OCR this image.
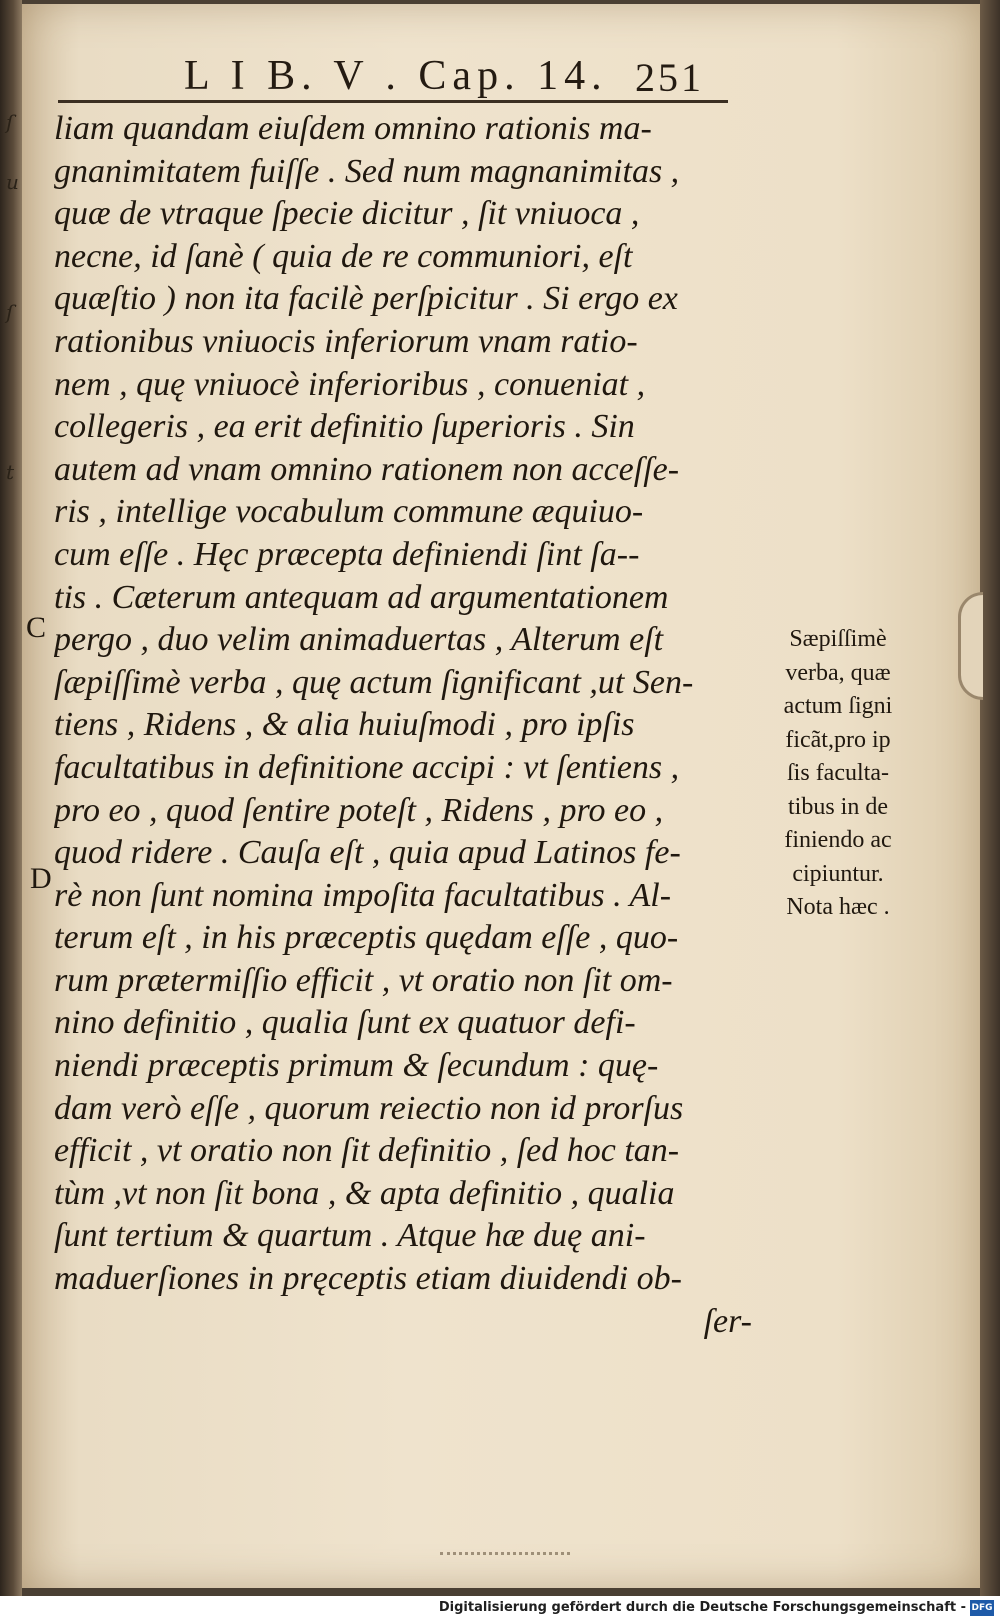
ſ
u
ſ
t
L I B. V . Cap. 14. 251
liam quandam eiuſdem omnino rationis ma-
gnanimitatem fuiſſe . Sed num magnanimitas ,
quæ de vtraque ſpecie dicitur , ſit vniuoca ,
necne, id ſanè ( quia de re communiori, eſt
quæſtio ) non ita facilè perſpicitur . Si ergo ex
rationibus vniuocis inferiorum vnam ratio-
nem , quę vniuocè inferioribus , conueniat ,
collegeris , ea erit definitio ſuperioris . Sin
autem ad vnam omnino rationem non acceſſe-
ris , intellige vocabulum commune æquiuo-
cum eſſe . Hęc præcepta definiendi ſint ſa--
tis . Cæterum antequam ad argumentationem
pergo , duo velim animaduertas , Alterum eſt
ſæpiſſimè verba , quę actum ſignificant ,ut Sen-
tiens , Ridens , & alia huiuſmodi , pro ipſis
facultatibus in definitione accipi : vt ſentiens ,
pro eo , quod ſentire poteſt , Ridens , pro eo ,
quod ridere . Cauſa eſt , quia apud Latinos fe-
rè non ſunt nomina impoſita facultatibus . Al-
terum eſt , in his præceptis quędam eſſe , quo-
rum prætermiſſio efficit , vt oratio non ſit om-
nino definitio , qualia ſunt ex quatuor defi-
niendi præceptis primum & ſecundum : quę-
dam verò eſſe , quorum reiectio non id prorſus
efficit , vt oratio non ſit definitio , ſed hoc tan-
tùm ,vt non ſit bona , & apta definitio , qualia
ſunt tertium & quartum . Atque hæ duę ani-
maduerſiones in pręceptis etiam diuidendi ob-
ſer-
C
D
Sæpiſſimè
verba, quæ
actum ſigni
ficãt,pro ip
ſis faculta-
tibus in de
finiendo ac
cipiuntur.
Nota hæc .
Digitalisierung gefördert durch die Deutsche Forschungsgemeinschaft - DFG
